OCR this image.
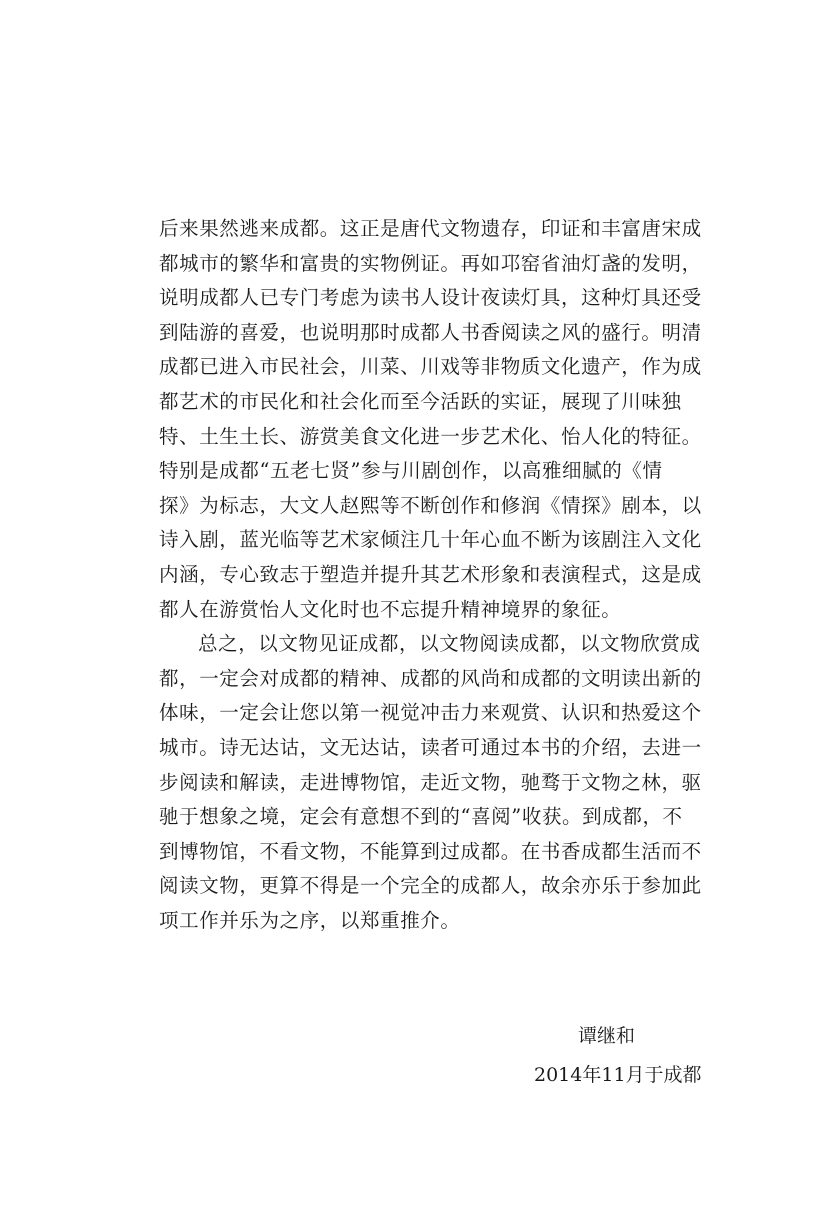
后来果然逃来成都。这正是唐代文物遗存，印证和丰富唐宋成
都城市的繁华和富贵的实物例证。再如邛窑省油灯盏的发明，
说明成都人已专门考虑为读书人设计夜读灯具，这种灯具还受
到陆游的喜爱，也说明那时成都人书香阅读之风的盛行。明清
成都已进入市民社会，川菜、川戏等非物质文化遗产，作为成
都艺术的市民化和社会化而至今活跃的实证，展现了川味独
特、土生土长、游赏美食文化进一步艺术化、怡人化的特征。
特别是成都“五老七贤”参与川剧创作，以高雅细腻的《情
探》为标志，大文人赵熙等不断创作和修润《情探》剧本，以
诗入剧，蓝光临等艺术家倾注几十年心血不断为该剧注入文化
内涵，专心致志于塑造并提升其艺术形象和表演程式，这是成
都人在游赏怡人文化时也不忘提升精神境界的象征。
总之，以文物见证成都，以文物阅读成都，以文物欣赏成
都，一定会对成都的精神、成都的风尚和成都的文明读出新的
体味，一定会让您以第一视觉冲击力来观赏、认识和热爱这个
城市。诗无达诂，文无达诂，读者可通过本书的介绍，去进一
步阅读和解读，走进博物馆，走近文物，驰骛于文物之林，驱
驰于想象之境，定会有意想不到的“喜阅”收获。到成都，不
到博物馆，不看文物，不能算到过成都。在书香成都生活而不
阅读文物，更算不得是一个完全的成都人，故余亦乐于参加此
项工作并乐为之序，以郑重推介。
谭继和
2014年11月于成都
